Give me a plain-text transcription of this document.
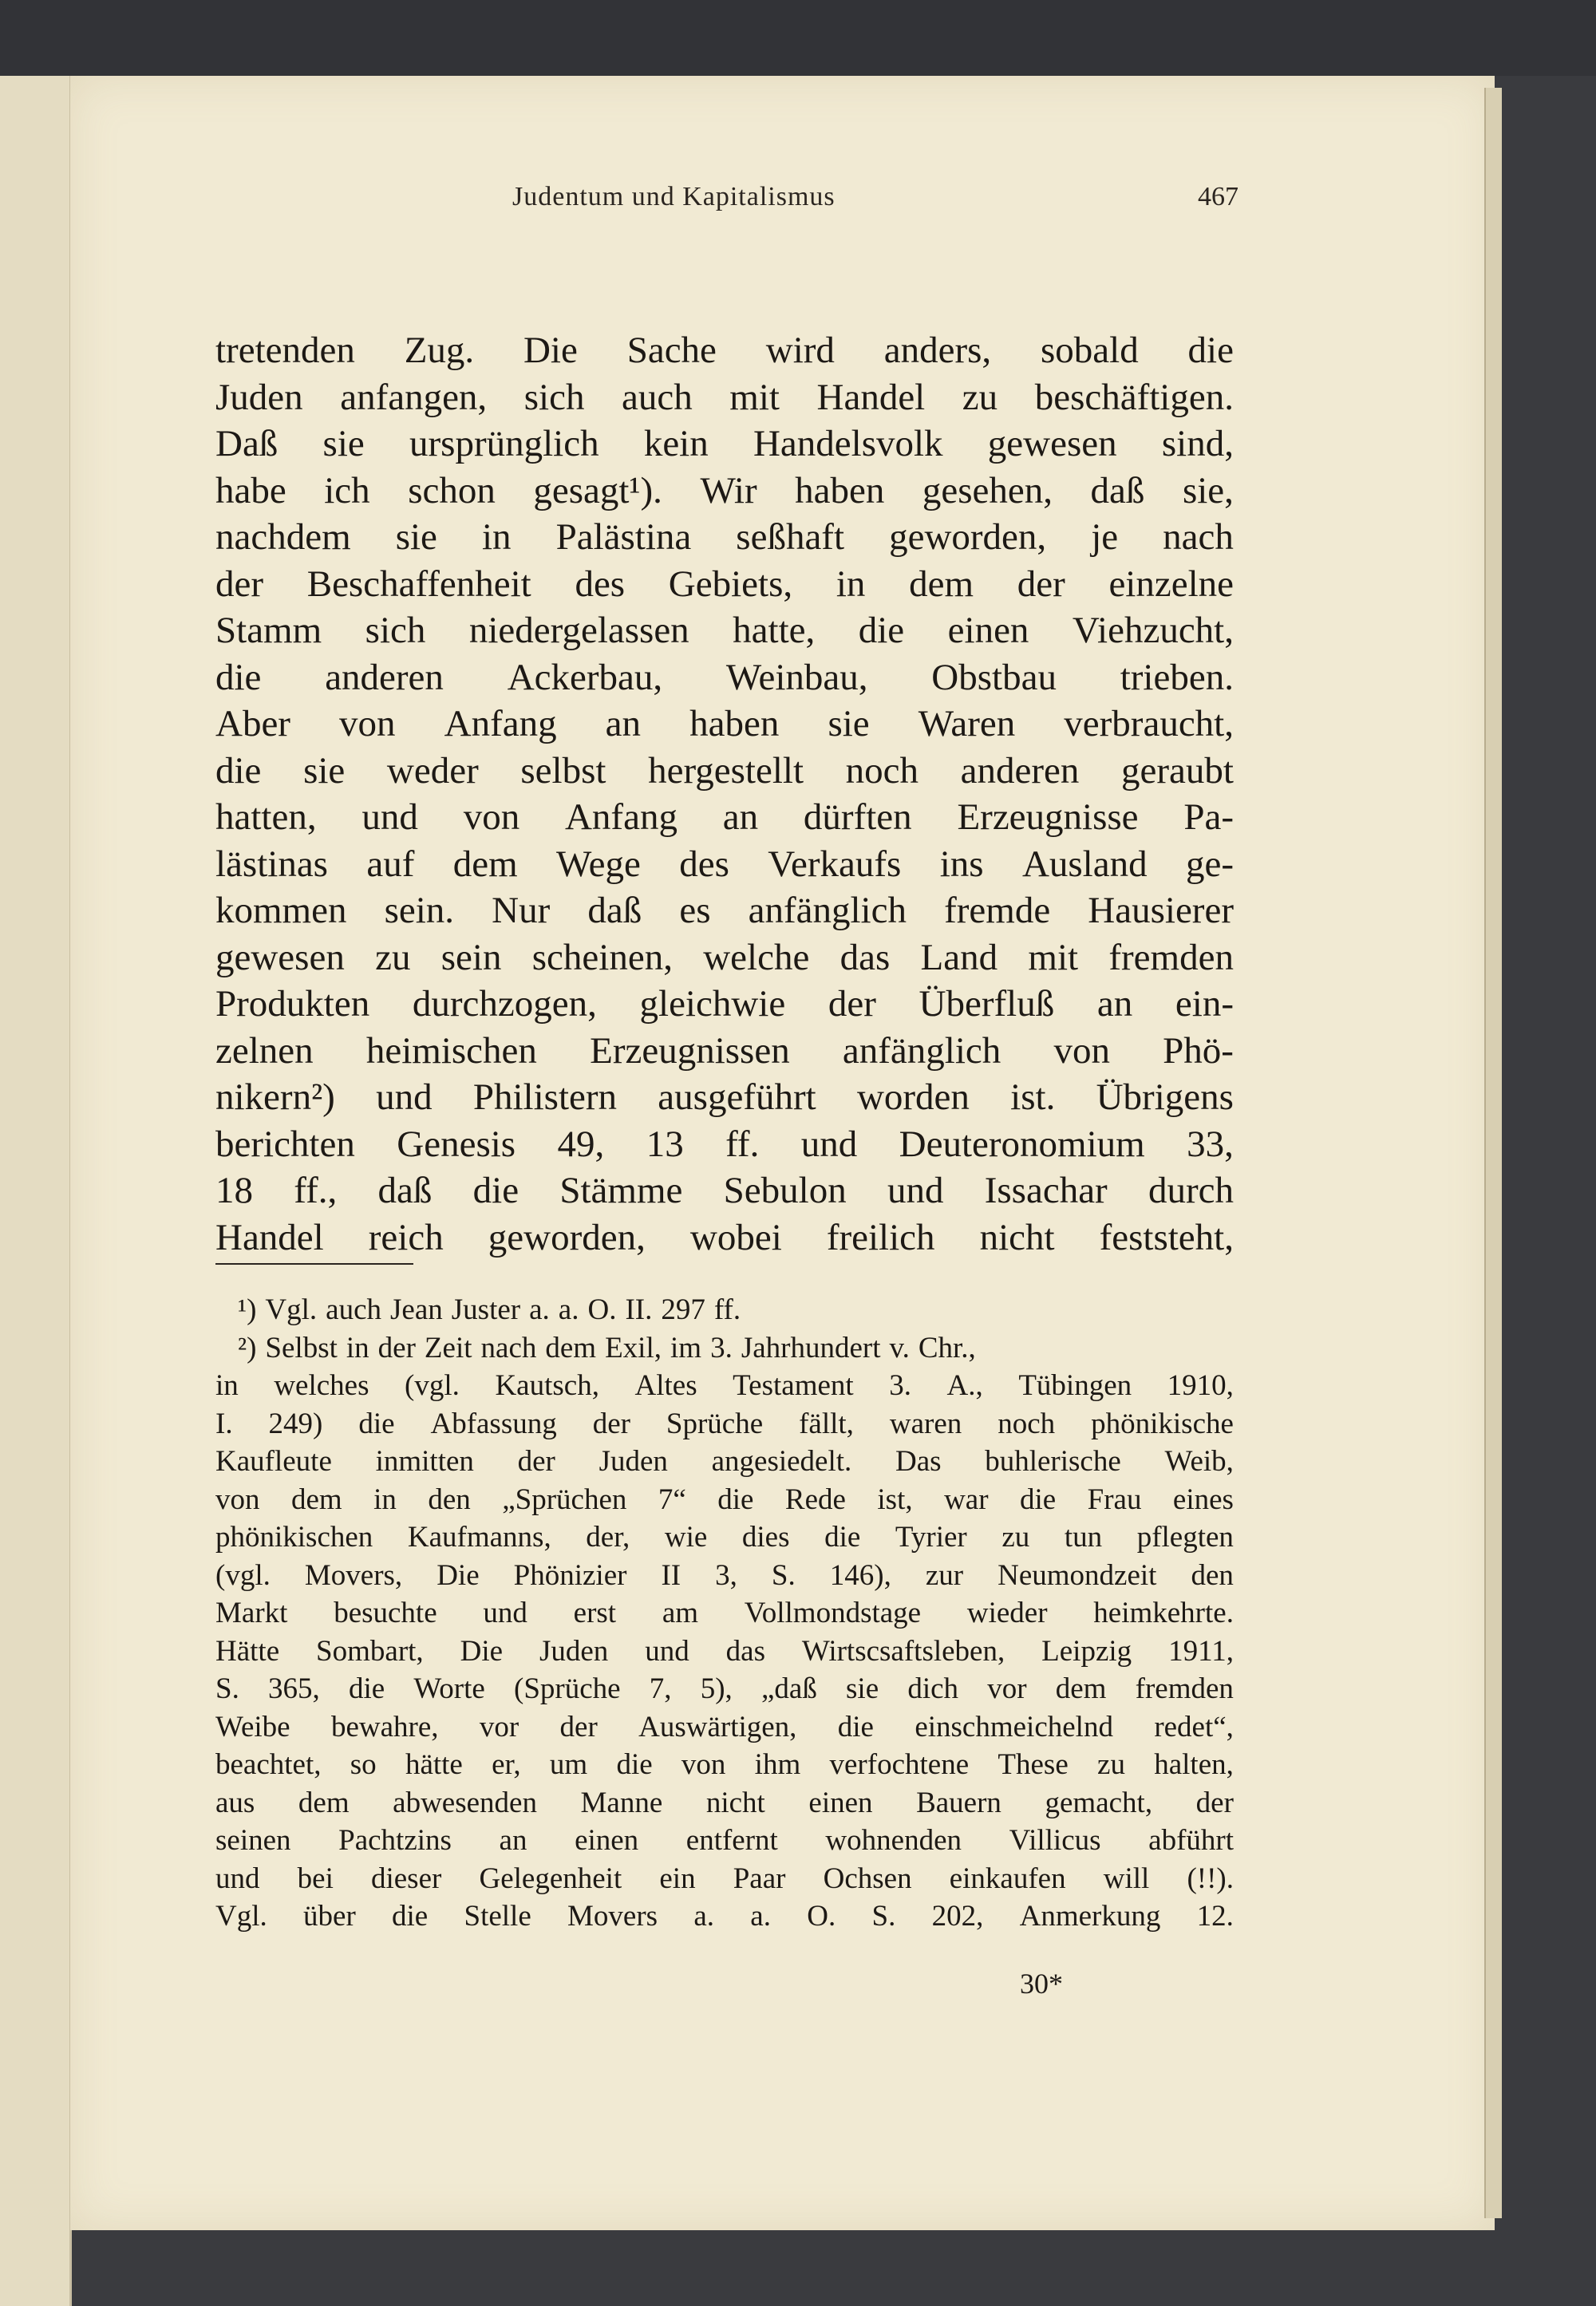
Judentum und Kapitalismus	467
tretenden Zug. Die Sache wird anders, sobald die
Juden anfangen, sich auch mit Handel zu beschäftigen.
Daß sie ursprünglich kein Handelsvolk gewesen sind,
habe ich schon gesagt¹). Wir haben gesehen, daß sie,
nachdem sie in Palästina seßhaft geworden, je nach
der Beschaffenheit des Gebiets, in dem der einzelne
Stamm sich niedergelassen hatte, die einen Viehzucht,
die anderen Ackerbau, Weinbau, Obstbau trieben.
Aber von Anfang an haben sie Waren verbraucht,
die sie weder selbst hergestellt noch anderen geraubt
hatten, und von Anfang an dürften Erzeugnisse Pa-
lästinas auf dem Wege des Verkaufs ins Ausland ge-
kommen sein. Nur daß es anfänglich fremde Hausierer
gewesen zu sein scheinen, welche das Land mit fremden
Produkten durchzogen, gleichwie der Überfluß an ein-
zelnen heimischen Erzeugnissen anfänglich von Phö-
nikern²) und Philistern ausgeführt worden ist. Übrigens
berichten Genesis 49, 13 ff. und Deuteronomium 33,
18 ff., daß die Stämme Sebulon und Issachar durch
Handel reich geworden, wobei freilich nicht feststeht,
¹) Vgl. auch Jean Juster a. a. O. II. 297 ff.
²) Selbst in der Zeit nach dem Exil, im 3. Jahrhundert v. Chr.,
in welches (vgl. Kautsch, Altes Testament 3. A., Tübingen 1910,
I. 249) die Abfassung der Sprüche fällt, waren noch phönikische
Kaufleute inmitten der Juden angesiedelt. Das buhlerische Weib,
von dem in den „Sprüchen 7“ die Rede ist, war die Frau eines
phönikischen Kaufmanns, der, wie dies die Tyrier zu tun pflegten
(vgl. Movers, Die Phönizier II 3, S. 146), zur Neumondzeit den
Markt besuchte und erst am Vollmondstage wieder heimkehrte.
Hätte Sombart, Die Juden und das Wirtscsaftsleben, Leipzig 1911,
S. 365, die Worte (Sprüche 7, 5), „daß sie dich vor dem fremden
Weibe bewahre, vor der Auswärtigen, die einschmeichelnd redet“,
beachtet, so hätte er, um die von ihm verfochtene These zu halten,
aus dem abwesenden Manne nicht einen Bauern gemacht, der
seinen Pachtzins an einen entfernt wohnenden Villicus abführt
und bei dieser Gelegenheit ein Paar Ochsen einkaufen will (!!).
Vgl. über die Stelle Movers a. a. O. S. 202, Anmerkung 12.
30*
